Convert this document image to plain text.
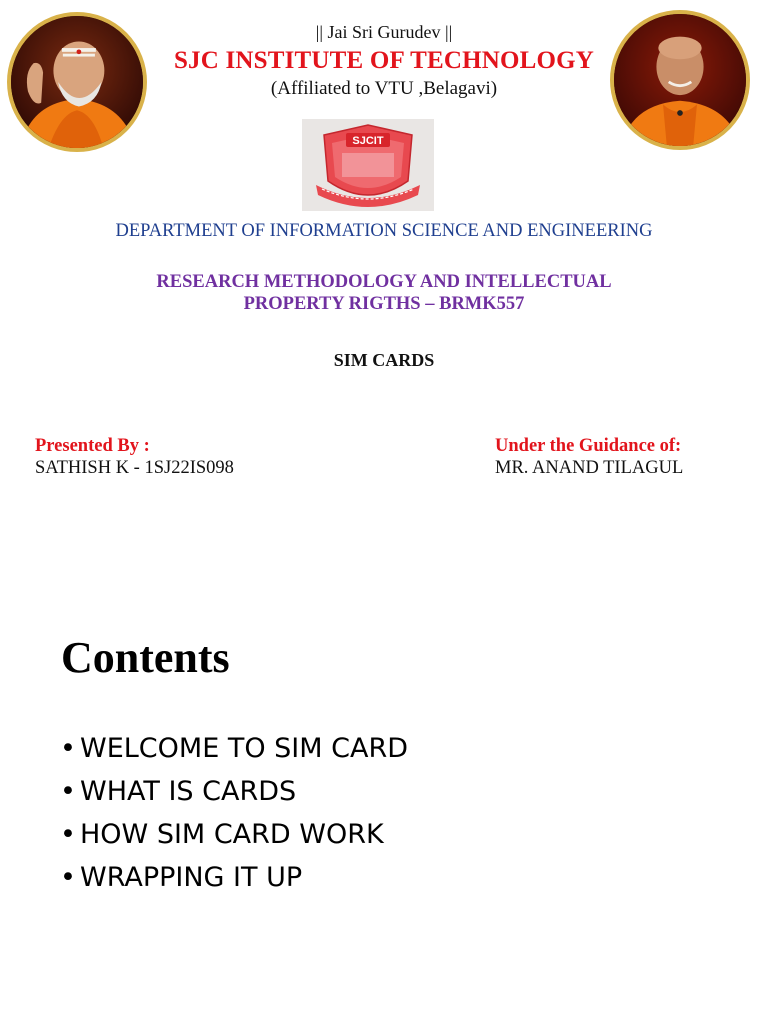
|| Jai Sri Gurudev ||
SJC INSTITUTE OF TECHNOLOGY
(Affiliated to VTU ,Belagavi)
SJCIT
DEPARTMENT OF INFORMATION SCIENCE AND ENGINEERING
RESEARCH METHODOLOGY AND INTELLECTUAL
PROPERTY RIGTHS – BRMK557
SIM CARDS
Presented By :
SATHISH K - 1SJ22IS098
Under the Guidance of:
MR. ANAND TILAGUL
Contents
• WELCOME TO SIM CARD
• WHAT IS CARDS
• HOW SIM CARD WORK
• WRAPPING IT UP
